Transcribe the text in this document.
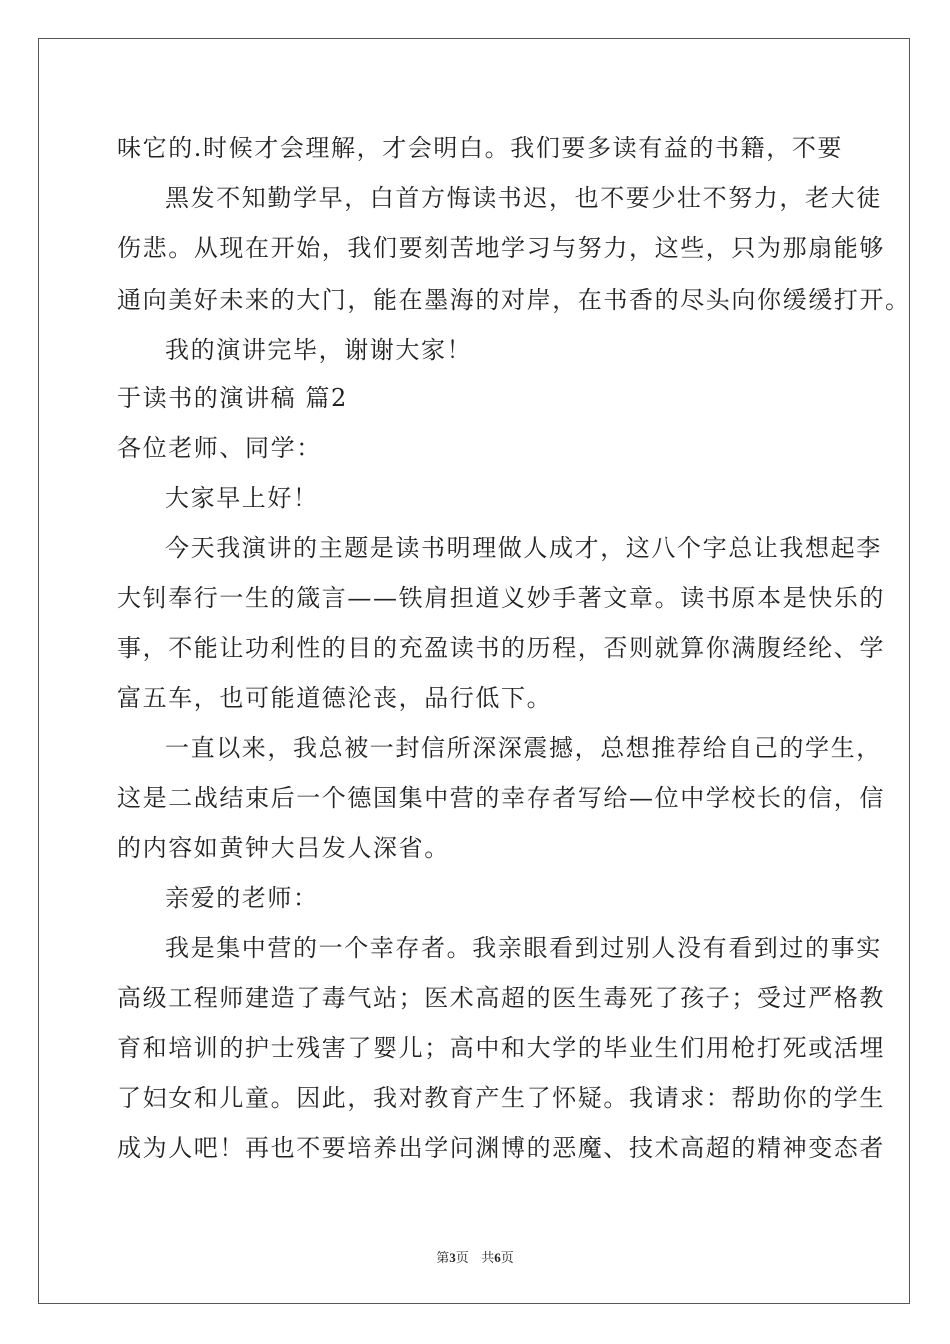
味它的.时候才会理解，才会明白。我们要多读有益的书籍，不要
黑发不知勤学早，白首方悔读书迟，也不要少壮不努力，老大徒
伤悲。从现在开始，我们要刻苦地学习与努力，这些，只为那扇能够
通向美好未来的大门，能在墨海的对岸，在书香的尽头向你缓缓打开。
我的演讲完毕，谢谢大家！
于读书的演讲稿 篇2
各位老师、同学：
大家早上好！
今天我演讲的主题是读书明理做人成才，这八个字总让我想起李
大钊奉行一生的箴言——铁肩担道义妙手著文章。读书原本是快乐的
事，不能让功利性的目的充盈读书的历程，否则就算你满腹经纶、学
富五车，也可能道德沦丧，品行低下。
一直以来，我总被一封信所深深震撼，总想推荐给自己的学生，
这是二战结束后一个德国集中营的幸存者写给—位中学校长的信，信
的内容如黄钟大吕发人深省。
亲爱的老师：
我是集中营的一个幸存者。我亲眼看到过别人没有看到过的事实
高级工程师建造了毒气站；医术高超的医生毒死了孩子；受过严格教
育和培训的护士残害了婴儿；高中和大学的毕业生们用枪打死或活埋
了妇女和儿童。因此，我对教育产生了怀疑。我请求：帮助你的学生
成为人吧！再也不要培养出学问渊博的恶魔、技术高超的精神变态者
第3页 共6页
